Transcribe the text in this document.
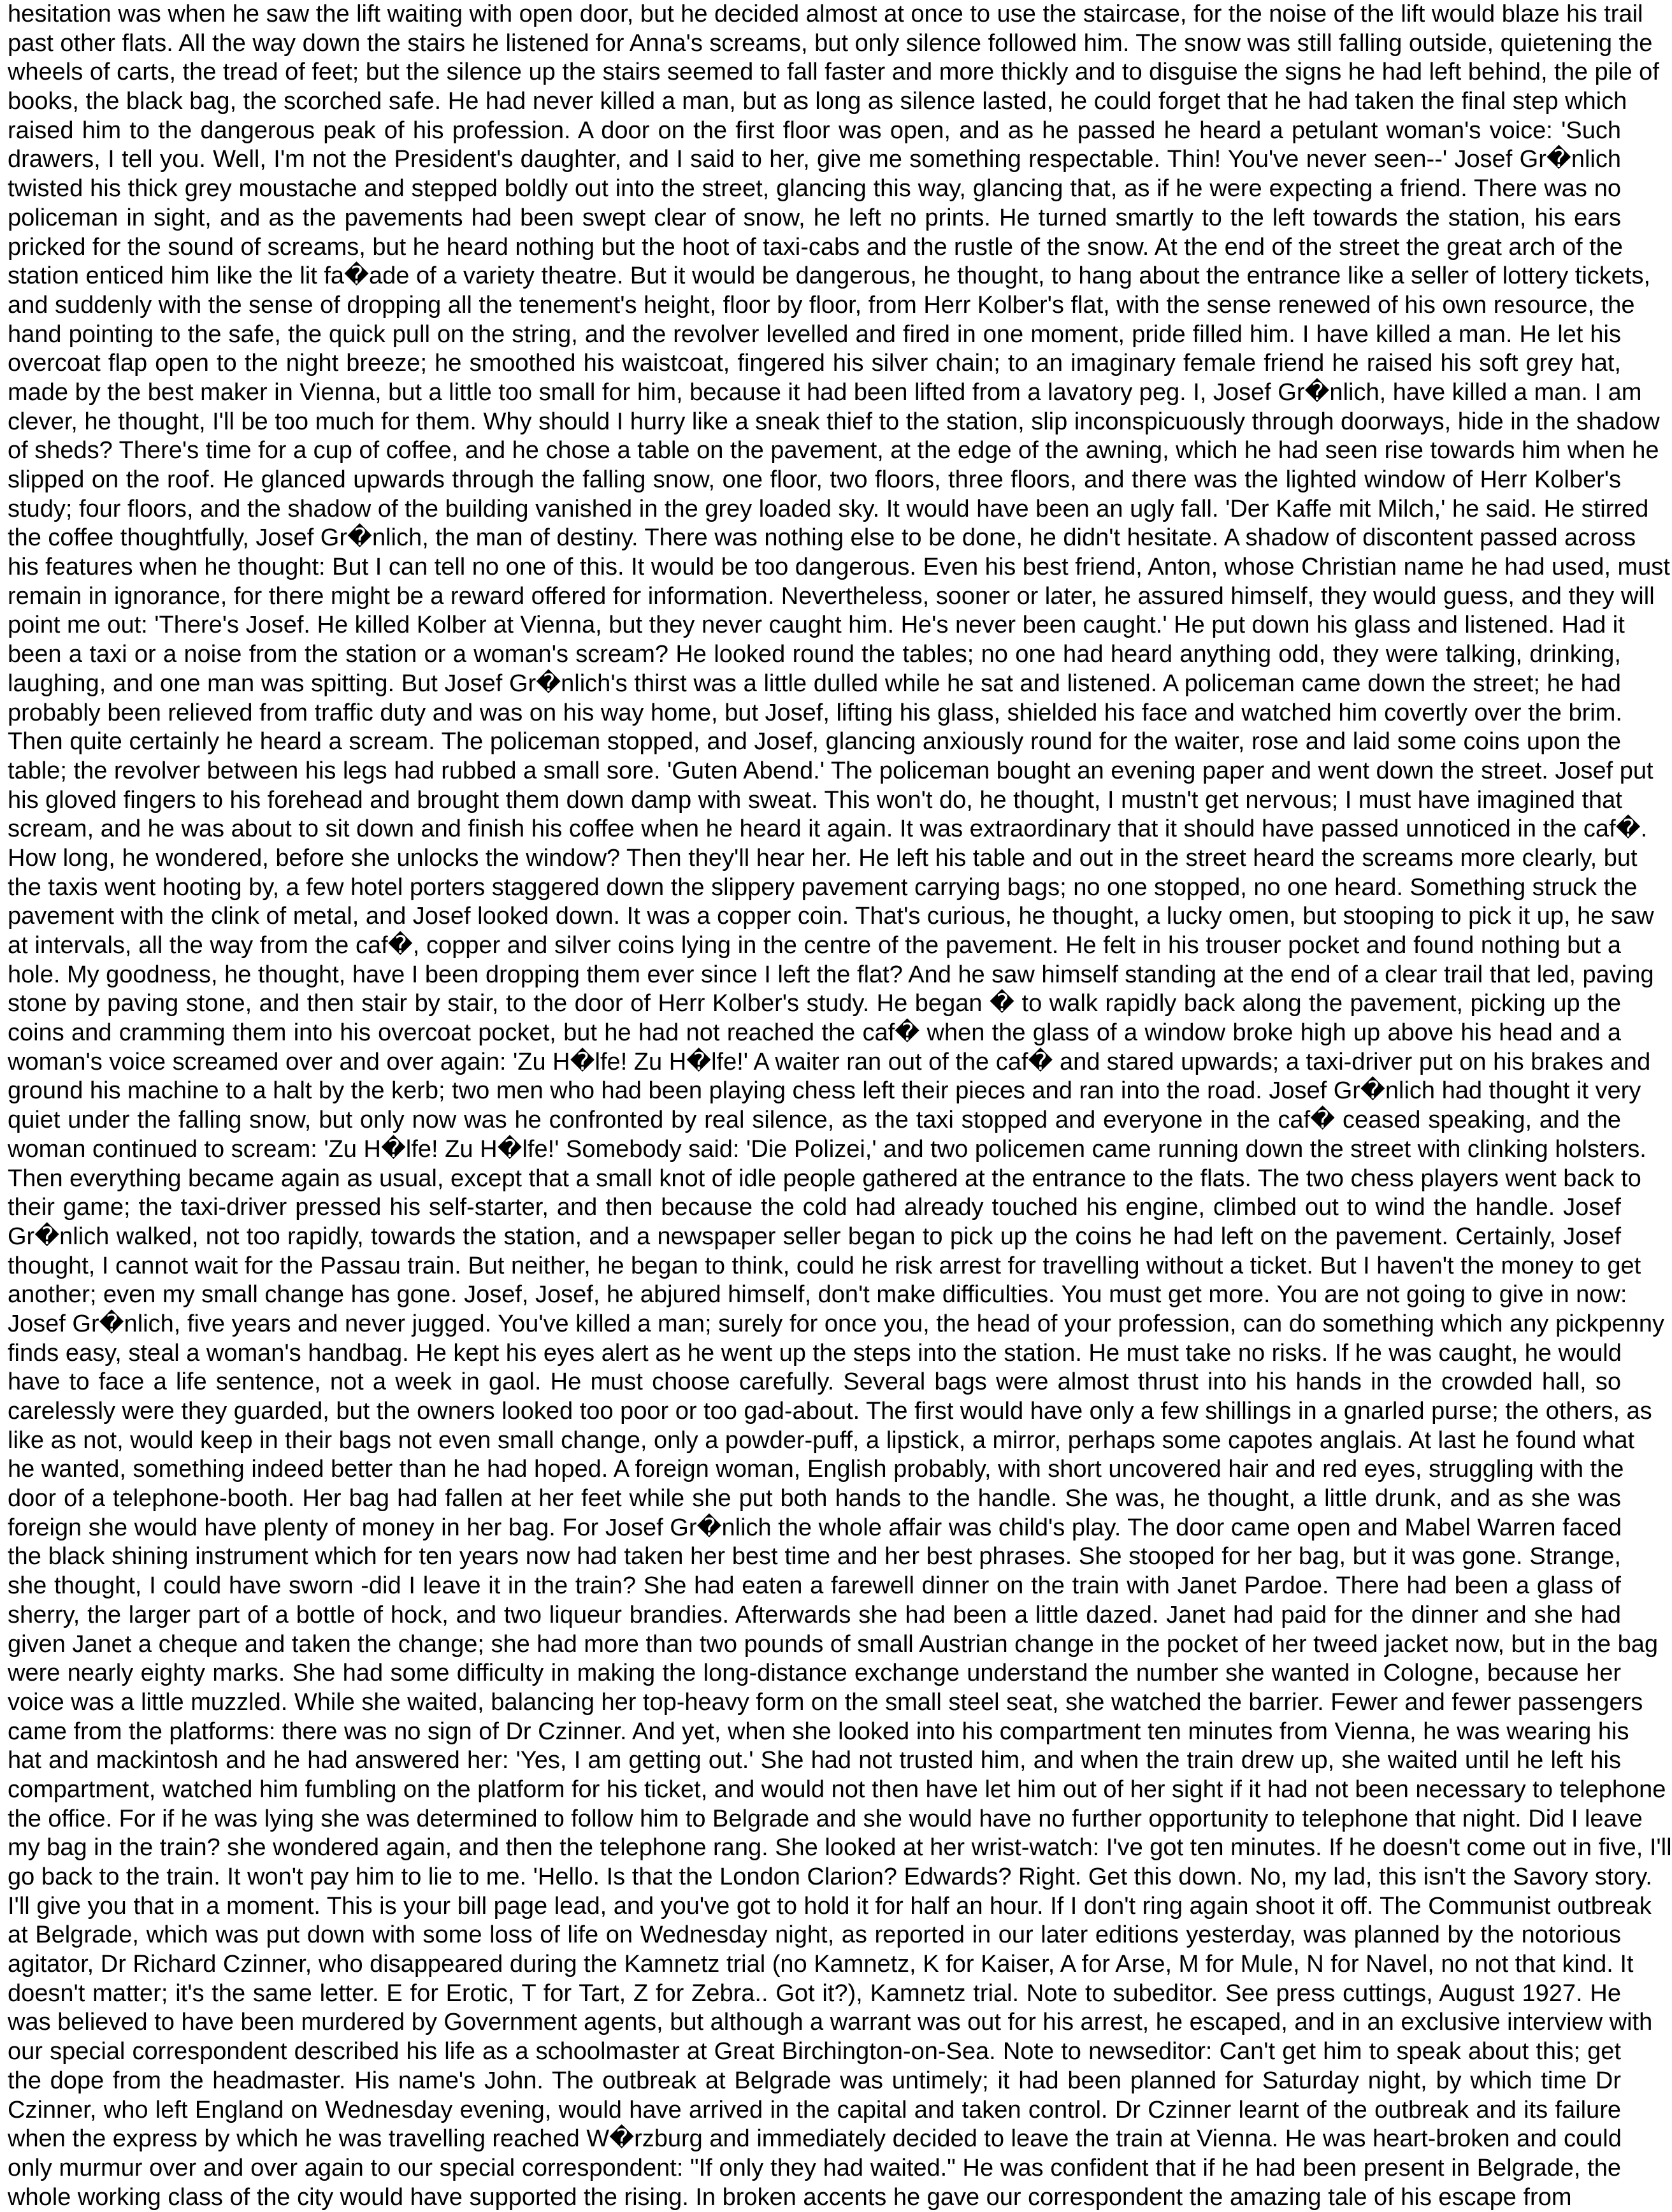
hesitation was when he saw the lift waiting with open door, but he decided almost at once to use the staircase, for the noise of the lift would blaze his trail
past other flats. All the way down the stairs he listened for Anna's screams, but only silence followed him. The snow was still falling outside, quietening the
wheels of carts, the tread of feet; but the silence up the stairs seemed to fall faster and more thickly and to disguise the signs he had left behind, the pile of
books, the black bag, the scorched safe. He had never killed a man, but as long as silence lasted, he could forget that he had taken the final step which
raised him to the dangerous peak of his profession. A door on the first floor was open, and as he passed he heard a petulant woman's voice: 'Such
drawers, I tell you. Well, I'm not the President's daughter, and I said to her, give me something respectable. Thin! You've never seen--' Josef Gr�nlich
twisted his thick grey moustache and stepped boldly out into the street, glancing this way, glancing that, as if he were expecting a friend. There was no
policeman in sight, and as the pavements had been swept clear of snow, he left no prints. He turned smartly to the left towards the station, his ears
pricked for the sound of screams, but he heard nothing but the hoot of taxi-cabs and the rustle of the snow. At the end of the street the great arch of the
station enticed him like the lit fa�ade of a variety theatre. But it would be dangerous, he thought, to hang about the entrance like a seller of lottery tickets,
and suddenly with the sense of dropping all the tenement's height, floor by floor, from Herr Kolber's flat, with the sense renewed of his own resource, the
hand pointing to the safe, the quick pull on the string, and the revolver levelled and fired in one moment, pride filled him. I have killed a man. He let his
overcoat flap open to the night breeze; he smoothed his waistcoat, fingered his silver chain; to an imaginary female friend he raised his soft grey hat,
made by the best maker in Vienna, but a little too small for him, because it had been lifted from a lavatory peg. I, Josef Gr�nlich, have killed a man. I am
clever, he thought, I'll be too much for them. Why should I hurry like a sneak thief to the station, slip inconspicuously through doorways, hide in the shadow
of sheds? There's time for a cup of coffee, and he chose a table on the pavement, at the edge of the awning, which he had seen rise towards him when he
slipped on the roof. He glanced upwards through the falling snow, one floor, two floors, three floors, and there was the lighted window of Herr Kolber's
study; four floors, and the shadow of the building vanished in the grey loaded sky. It would have been an ugly fall. 'Der Kaffe mit Milch,' he said. He stirred
the coffee thoughtfully, Josef Gr�nlich, the man of destiny. There was nothing else to be done, he didn't hesitate. A shadow of discontent passed across
his features when he thought: But I can tell no one of this. It would be too dangerous. Even his best friend, Anton, whose Christian name he had used, must
remain in ignorance, for there might be a reward offered for information. Nevertheless, sooner or later, he assured himself, they would guess, and they will
point me out: 'There's Josef. He killed Kolber at Vienna, but they never caught him. He's never been caught.' He put down his glass and listened. Had it
been a taxi or a noise from the station or a woman's scream? He looked round the tables; no one had heard anything odd, they were talking, drinking,
laughing, and one man was spitting. But Josef Gr�nlich's thirst was a little dulled while he sat and listened. A policeman came down the street; he had
probably been relieved from traffic duty and was on his way home, but Josef, lifting his glass, shielded his face and watched him covertly over the brim.
Then quite certainly he heard a scream. The policeman stopped, and Josef, glancing anxiously round for the waiter, rose and laid some coins upon the
table; the revolver between his legs had rubbed a small sore. 'Guten Abend.' The policeman bought an evening paper and went down the street. Josef put
his gloved fingers to his forehead and brought them down damp with sweat. This won't do, he thought, I mustn't get nervous; I must have imagined that
scream, and he was about to sit down and finish his coffee when he heard it again. It was extraordinary that it should have passed unnoticed in the caf�.
How long, he wondered, before she unlocks the window? Then they'll hear her. He left his table and out in the street heard the screams more clearly, but
the taxis went hooting by, a few hotel porters staggered down the slippery pavement carrying bags; no one stopped, no one heard. Something struck the
pavement with the clink of metal, and Josef looked down. It was a copper coin. That's curious, he thought, a lucky omen, but stooping to pick it up, he saw
at intervals, all the way from the caf�, copper and silver coins lying in the centre of the pavement. He felt in his trouser pocket and found nothing but a
hole. My goodness, he thought, have I been dropping them ever since I left the flat? And he saw himself standing at the end of a clear trail that led, paving
stone by paving stone, and then stair by stair, to the door of Herr Kolber's study. He began � to walk rapidly back along the pavement, picking up the
coins and cramming them into his overcoat pocket, but he had not reached the caf� when the glass of a window broke high up above his head and a
woman's voice screamed over and over again: 'Zu H�lfe! Zu H�lfe!' A waiter ran out of the caf� and stared upwards; a taxi-driver put on his brakes and
ground his machine to a halt by the kerb; two men who had been playing chess left their pieces and ran into the road. Josef Gr�nlich had thought it very
quiet under the falling snow, but only now was he confronted by real silence, as the taxi stopped and everyone in the caf� ceased speaking, and the
woman continued to scream: 'Zu H�lfe! Zu H�lfe!' Somebody said: 'Die Polizei,' and two policemen came running down the street with clinking holsters.
Then everything became again as usual, except that a small knot of idle people gathered at the entrance to the flats. The two chess players went back to
their game; the taxi-driver pressed his self-starter, and then because the cold had already touched his engine, climbed out to wind the handle. Josef
Gr�nlich walked, not too rapidly, towards the station, and a newspaper seller began to pick up the coins he had left on the pavement. Certainly, Josef
thought, I cannot wait for the Passau train. But neither, he began to think, could he risk arrest for travelling without a ticket. But I haven't the money to get
another; even my small change has gone. Josef, Josef, he abjured himself, don't make difficulties. You must get more. You are not going to give in now:
Josef Gr�nlich, five years and never jugged. You've killed a man; surely for once you, the head of your profession, can do something which any pickpenny
finds easy, steal a woman's handbag. He kept his eyes alert as he went up the steps into the station. He must take no risks. If he was caught, he would
have to face a life sentence, not a week in gaol. He must choose carefully. Several bags were almost thrust into his hands in the crowded hall, so
carelessly were they guarded, but the owners looked too poor or too gad-about. The first would have only a few shillings in a gnarled purse; the others, as
like as not, would keep in their bags not even small change, only a powder-puff, a lipstick, a mirror, perhaps some capotes anglais. At last he found what
he wanted, something indeed better than he had hoped. A foreign woman, English probably, with short uncovered hair and red eyes, struggling with the
door of a telephone-booth. Her bag had fallen at her feet while she put both hands to the handle. She was, he thought, a little drunk, and as she was
foreign she would have plenty of money in her bag. For Josef Gr�nlich the whole affair was child's play. The door came open and Mabel Warren faced
the black shining instrument which for ten years now had taken her best time and her best phrases. She stooped for her bag, but it was gone. Strange,
she thought, I could have sworn -did I leave it in the train? She had eaten a farewell dinner on the train with Janet Pardoe. There had been a glass of
sherry, the larger part of a bottle of hock, and two liqueur brandies. Afterwards she had been a little dazed. Janet had paid for the dinner and she had
given Janet a cheque and taken the change; she had more than two pounds of small Austrian change in the pocket of her tweed jacket now, but in the bag
were nearly eighty marks. She had some difficulty in making the long-distance exchange understand the number she wanted in Cologne, because her
voice was a little muzzled. While she waited, balancing her top-heavy form on the small steel seat, she watched the barrier. Fewer and fewer passengers
came from the platforms: there was no sign of Dr Czinner. And yet, when she looked into his compartment ten minutes from Vienna, he was wearing his
hat and mackintosh and he had answered her: 'Yes, I am getting out.' She had not trusted him, and when the train drew up, she waited until he left his
compartment, watched him fumbling on the platform for his ticket, and would not then have let him out of her sight if it had not been necessary to telephone
the office. For if he was lying she was determined to follow him to Belgrade and she would have no further opportunity to telephone that night. Did I leave
my bag in the train? she wondered again, and then the telephone rang. She looked at her wrist-watch: I've got ten minutes. If he doesn't come out in five, I'll
go back to the train. It won't pay him to lie to me. 'Hello. Is that the London Clarion? Edwards? Right. Get this down. No, my lad, this isn't the Savory story.
I'll give you that in a moment. This is your bill page lead, and you've got to hold it for half an hour. If I don't ring again shoot it off. The Communist outbreak
at Belgrade, which was put down with some loss of life on Wednesday night, as reported in our later editions yesterday, was planned by the notorious
agitator, Dr Richard Czinner, who disappeared during the Kamnetz trial (no Kamnetz, K for Kaiser, A for Arse, M for Mule, N for Navel, no not that kind. It
doesn't matter; it's the same letter. E for Erotic, T for Tart, Z for Zebra.. Got it?), Kamnetz trial. Note to subeditor. See press cuttings, August 1927. He
was believed to have been murdered by Government agents, but although a warrant was out for his arrest, he escaped, and in an exclusive interview with
our special correspondent described his life as a schoolmaster at Great Birchington-on-Sea. Note to newseditor: Can't get him to speak about this; get
the dope from the headmaster. His name's John. The outbreak at Belgrade was untimely; it had been planned for Saturday night, by which time Dr
Czinner, who left England on Wednesday evening, would have arrived in the capital and taken control. Dr Czinner learnt of the outbreak and its failure
when the express by which he was travelling reached W�rzburg and immediately decided to leave the train at Vienna. He was heart-broken and could
only murmur over and over again to our special correspondent: "If only they had waited." He was confident that if he had been present in Belgrade, the
whole working class of the city would have supported the rising. In broken accents he gave our correspondent the amazing tale of his escape from
